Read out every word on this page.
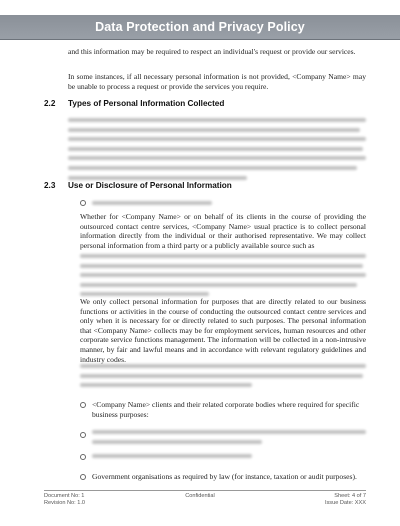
Data Protection and Privacy Policy
and this information may be required to respect an individual's request or provide our services.
In some instances, if all necessary personal information is not provided, <Company Name> may be unable to process a request or provide the services you require.
2.2 Types of Personal Information Collected
2.3 Use or Disclosure of Personal Information
Whether for <Company Name> or on behalf of its clients in the course of providing the outsourced contact centre services, <Company Name> usual practice is to collect personal information directly from the individual or their authorised representative. We may collect personal information from a third party or a publicly available source such as
We only collect personal information for purposes that are directly related to our business functions or activities in the course of conducting the outsourced contact centre services and only when it is necessary for or directly related to such purposes. The personal information that <Company Name> collects may be for employment services, human resources and other corporate service functions management. The information will be collected in a non-intrusive manner, by fair and lawful means and in accordance with relevant regulatory guidelines and industry codes.
<Company Name> clients and their related corporate bodies where required for specific business purposes:
Government organisations as required by law (for instance, taxation or audit purposes).
Document No: 1
Revision No: 1.0
Confidential	Sheet: 4 of 7
Issue Date: XXX
